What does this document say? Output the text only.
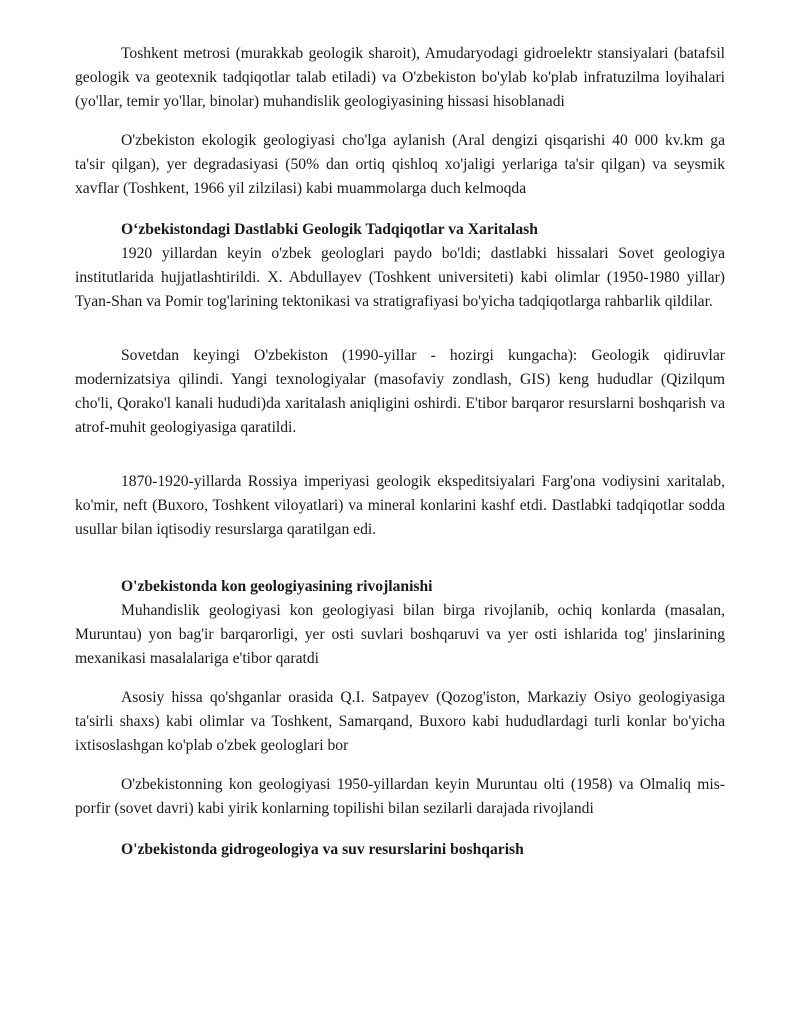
Toshkent metrosi (murakkab geologik sharoit), Amudaryodagi gidroelektr stansiyalari (batafsil geologik va geotexnik tadqiqotlar talab etiladi) va O'zbekiston bo'ylab ko'plab infratuzilma loyihalari (yo'llar, temir yo'llar, binolar) muhandislik geologiyasining hissasi hisoblanadi

O'zbekiston ekologik geologiyasi cho'lga aylanish (Aral dengizi qisqarishi 40 000 kv.km ga ta'sir qilgan), yer degradasiyasi (50% dan ortiq qishloq xo'jaligi yerlariga ta'sir qilgan) va seysmik xavflar (Toshkent, 1966 yil zilzilasi) kabi muammolarga duch kelmoqda

O‘zbekistondagi Dastlabki Geologik Tadqiqotlar va Xaritalash

1920 yillardan keyin o'zbek geologlari paydo bo'ldi; dastlabki hissalari Sovet geologiya institutlarida hujjatlashtirildi. X. Abdullayev (Toshkent universiteti) kabi olimlar (1950-1980 yillar) Tyan-Shan va Pomir tog'larining tektonikasi va stratigrafiyasi bo'yicha tadqiqotlarga rahbarlik qildilar.

Sovetdan keyingi O'zbekiston (1990-yillar - hozirgi kungacha): Geologik qidiruvlar modernizatsiya qilindi. Yangi texnologiyalar (masofaviy zondlash, GIS) keng hududlar (Qizilqum cho'li, Qorako'l kanali hududi)da xaritalash aniqligini oshirdi. E'tibor barqaror resurslarni boshqarish va atrof-muhit geologiyasiga qaratildi.

1870-1920-yillarda Rossiya imperiyasi geologik ekspeditsiyalari Farg'ona vodiysini xaritalab, ko'mir, neft (Buxoro, Toshkent viloyatlari) va mineral konlarini kashf etdi. Dastlabki tadqiqotlar sodda usullar bilan iqtisodiy resurslarga qaratilgan edi.

O'zbekistonda kon geologiyasining rivojlanishi

Muhandislik geologiyasi kon geologiyasi bilan birga rivojlanib, ochiq konlarda (masalan, Muruntau) yon bag'ir barqarorligi, yer osti suvlari boshqaruvi va yer osti ishlarida tog' jinslarining mexanikasi masalalariga e'tibor qaratdi

Asosiy hissa qo'shganlar orasida Q.I. Satpayev (Qozog'iston, Markaziy Osiyo geologiyasiga ta'sirli shaxs) kabi olimlar va Toshkent, Samarqand, Buxoro kabi hududlardagi turli konlar bo'yicha ixtisoslashgan ko'plab o'zbek geologlari bor

O'zbekistonning kon geologiyasi 1950-yillardan keyin Muruntau olti (1958) va Olmaliq mis-porfir (sovet davri) kabi yirik konlarning topilishi bilan sezilarli darajada rivojlandi

O'zbekistonda gidrogeologiya va suv resurslarini boshqarish
